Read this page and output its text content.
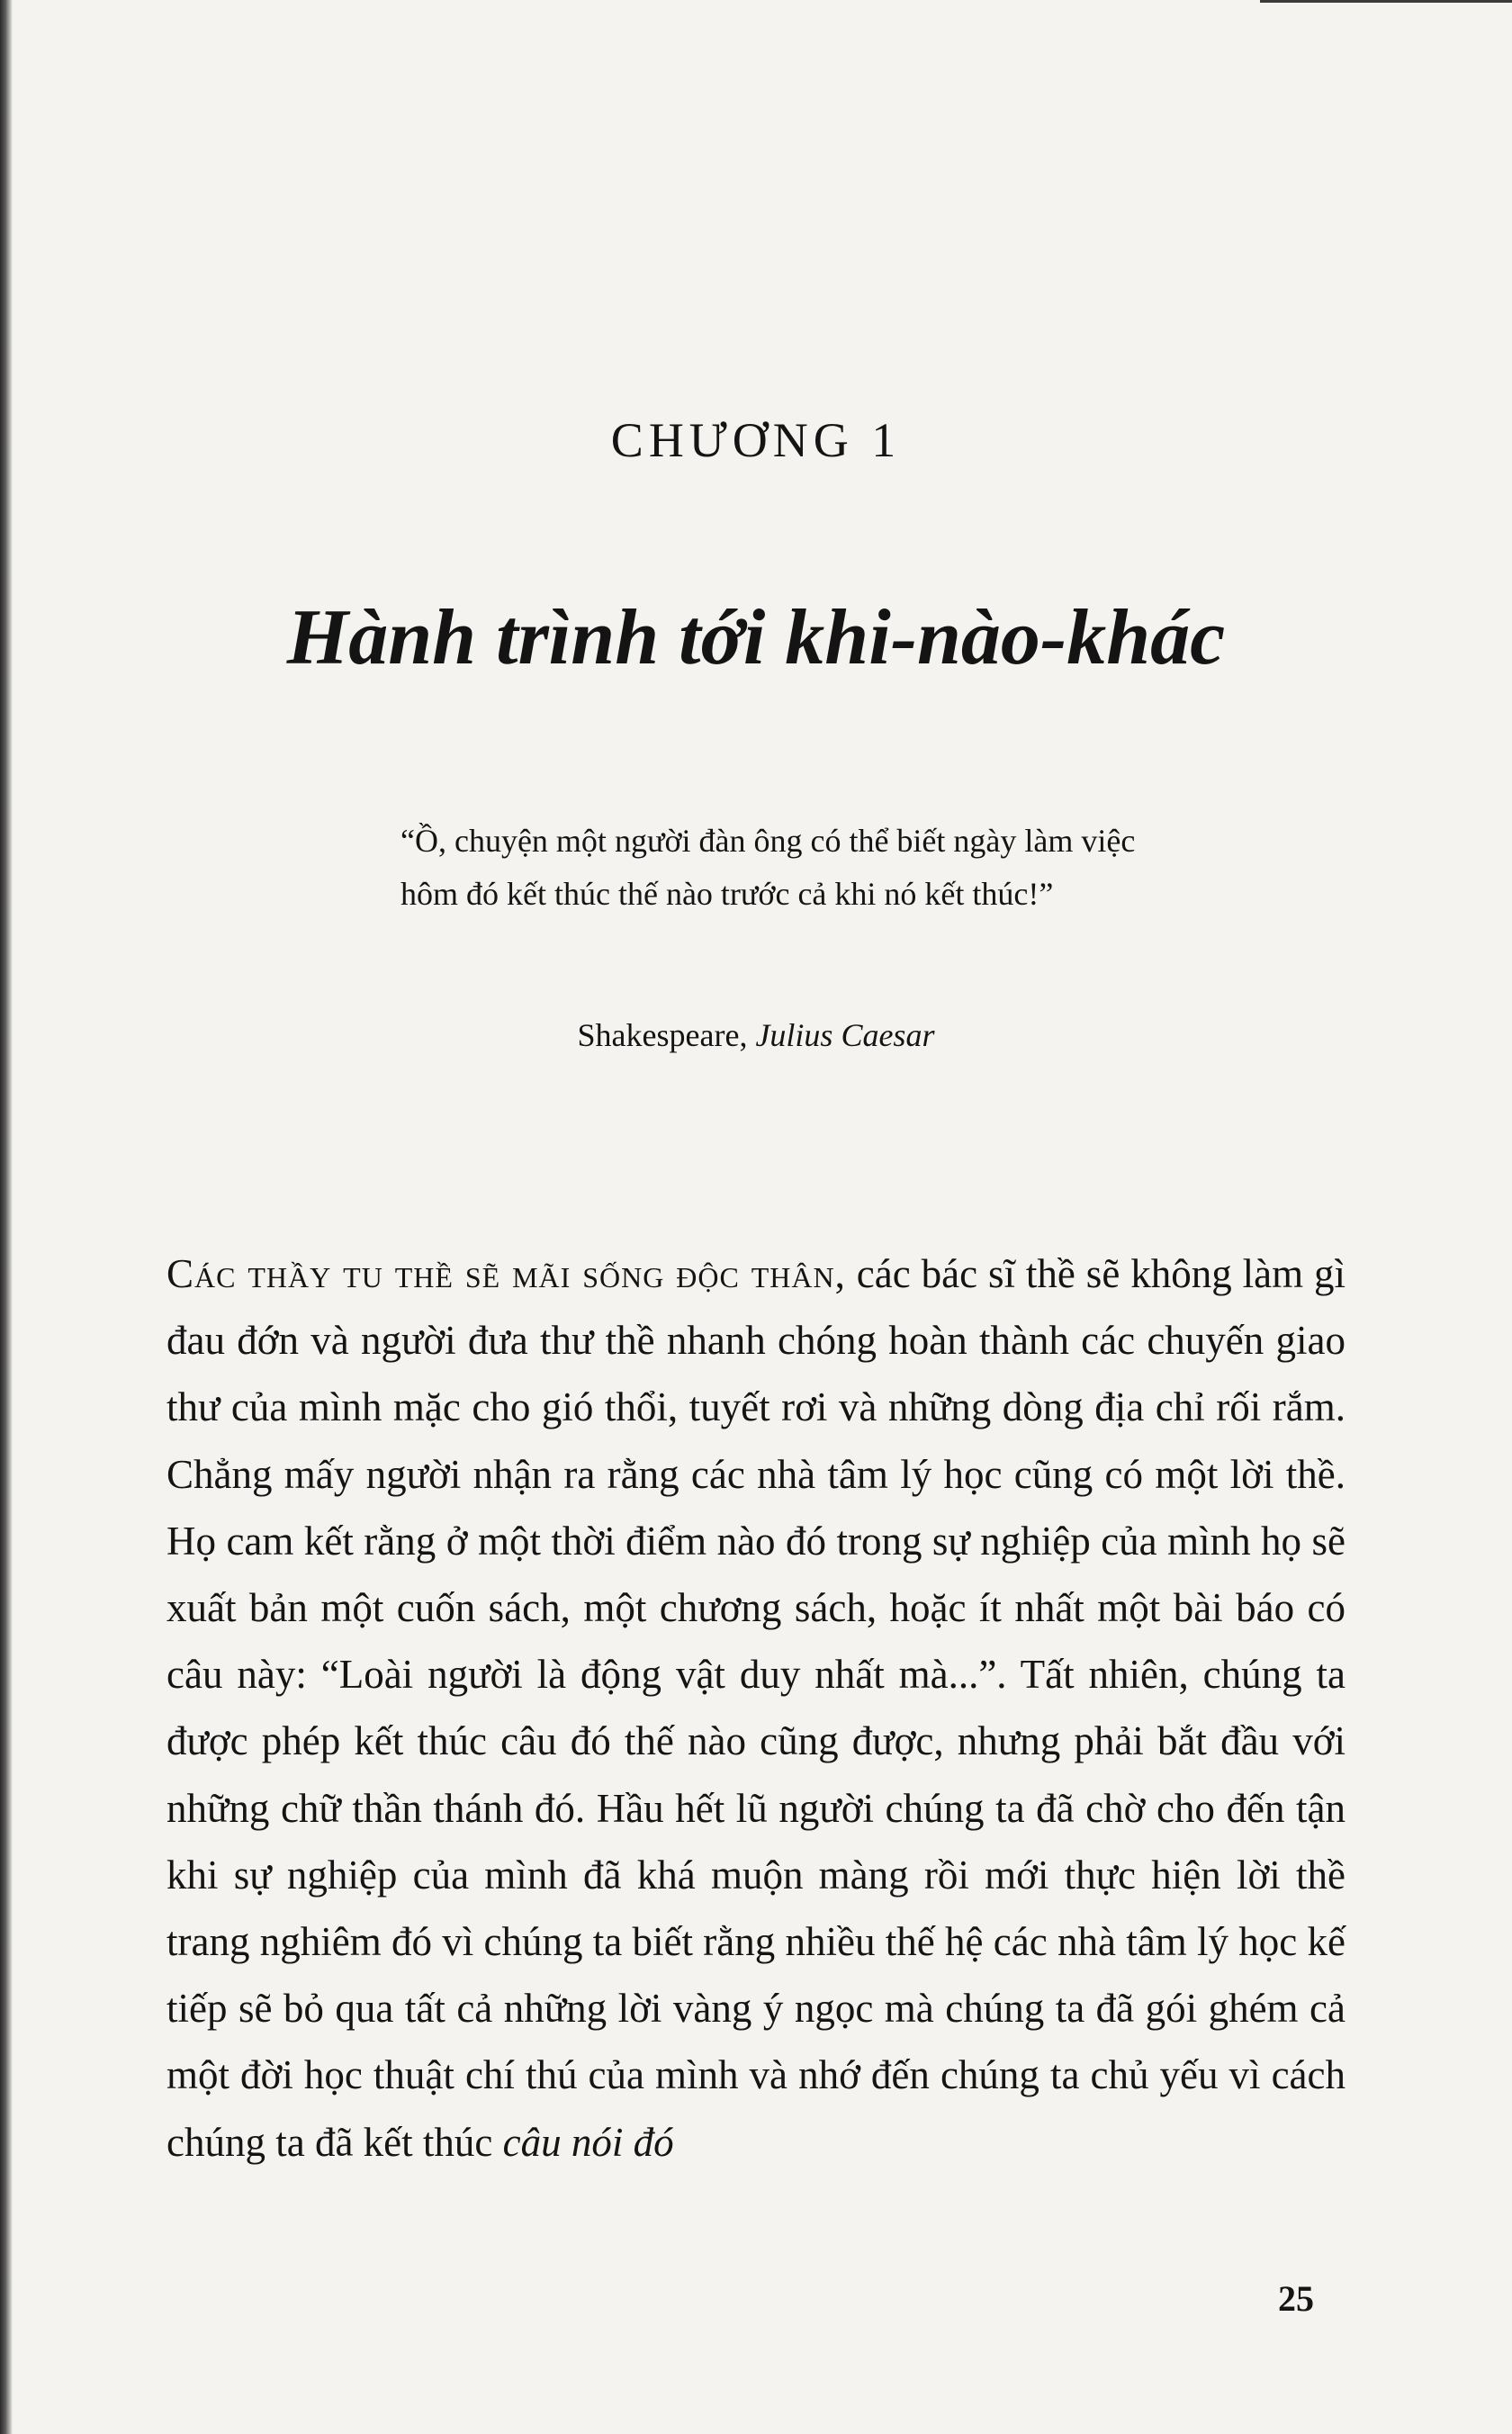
CHƯƠNG 1
Hành trình tới khi-nào-khác

“Ồ, chuyện một người đàn ông có thể biết ngày làm việc hôm đó kết thúc thế nào trước cả khi nó kết thúc!”

Shakespeare, Julius Caesar

Các thầy tu thề sẽ mãi sống độc thân, các bác sĩ thề sẽ không làm gì đau đớn và người đưa thư thề nhanh chóng hoàn thành các chuyến giao thư của mình mặc cho gió thổi, tuyết rơi và những dòng địa chỉ rối rắm. Chẳng mấy người nhận ra rằng các nhà tâm lý học cũng có một lời thề. Họ cam kết rằng ở một thời điểm nào đó trong sự nghiệp của mình họ sẽ xuất bản một cuốn sách, một chương sách, hoặc ít nhất một bài báo có câu này: “Loài người là động vật duy nhất mà...”. Tất nhiên, chúng ta được phép kết thúc câu đó thế nào cũng được, nhưng phải bắt đầu với những chữ thần thánh đó. Hầu hết lũ người chúng ta đã chờ cho đến tận khi sự nghiệp của mình đã khá muộn màng rồi mới thực hiện lời thề trang nghiêm đó vì chúng ta biết rằng nhiều thế hệ các nhà tâm lý học kế tiếp sẽ bỏ qua tất cả những lời vàng ý ngọc mà chúng ta đã gói ghém cả một đời học thuật chí thú của mình và nhớ đến chúng ta chủ yếu vì cách chúng ta đã kết thúc câu nói đó

25
